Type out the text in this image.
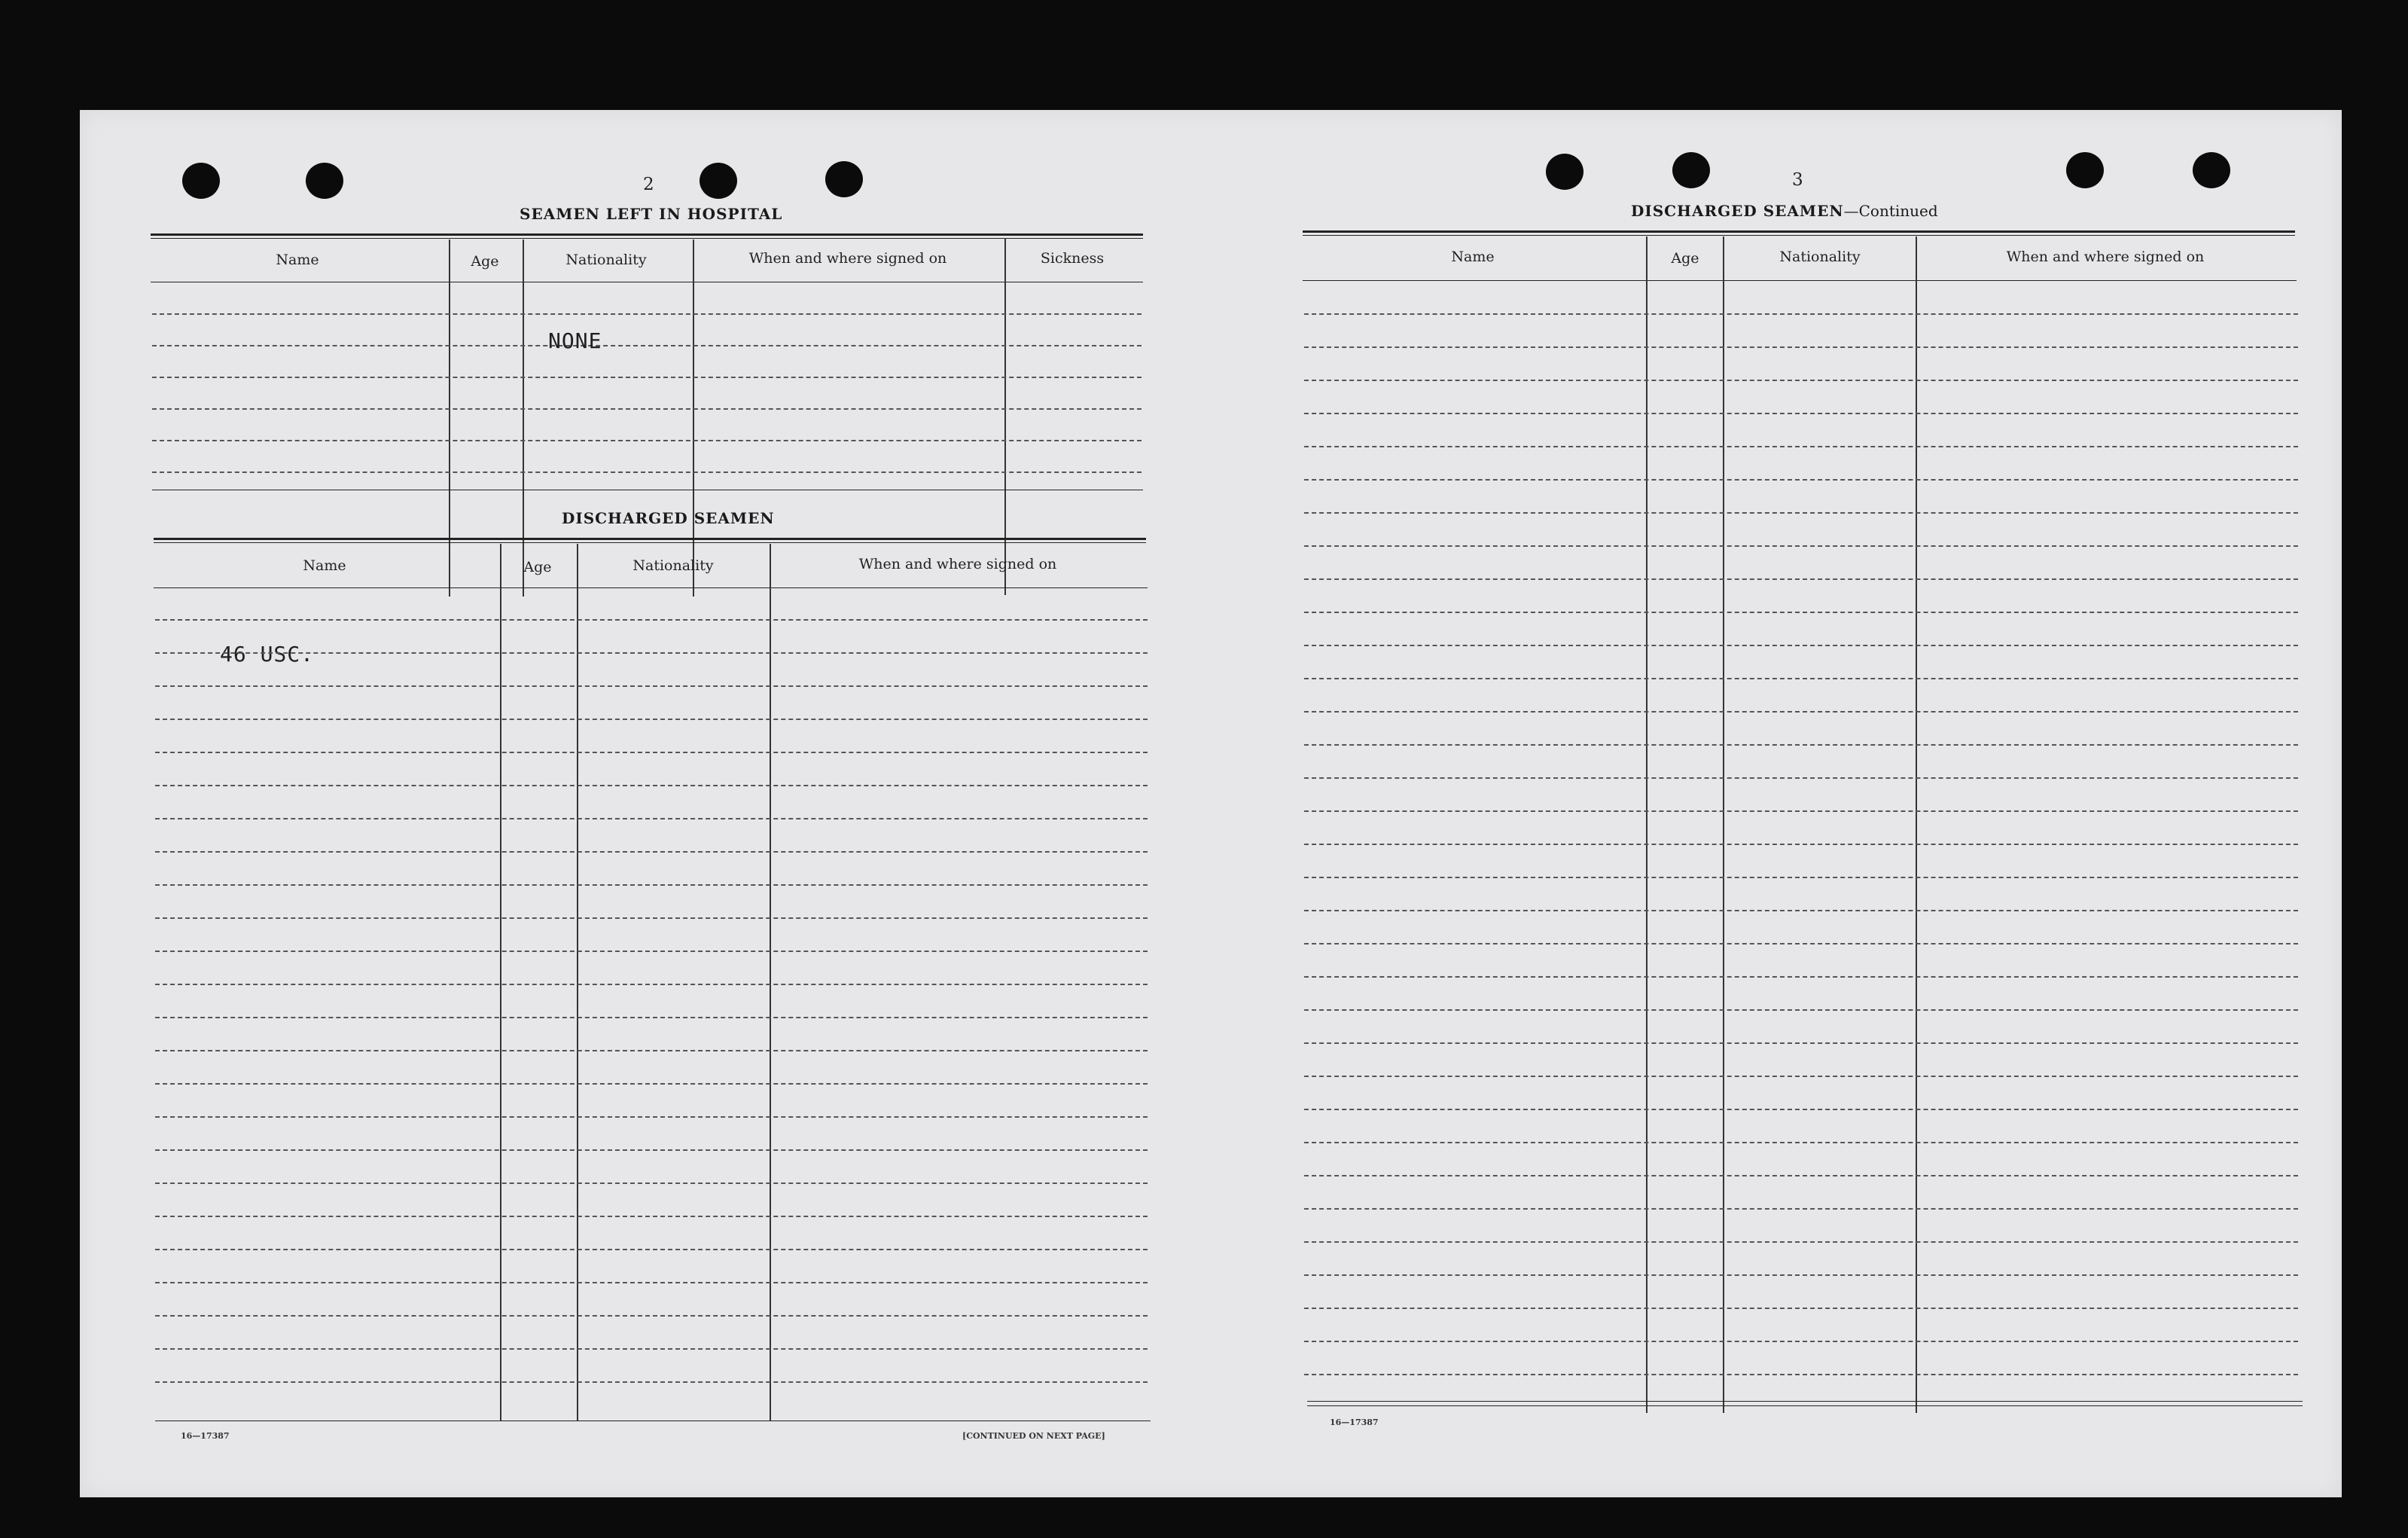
2
SEAMEN LEFT IN HOSPITAL
Name	Age	Nationality	When and where signed on	Sickness
NONE
DISCHARGED SEAMEN
Name	Age	Nationality	When and where signed on
46 USC.
16—17387	[CONTINUED ON NEXT PAGE]
3
DISCHARGED SEAMEN—Continued
Name	Age	Nationality	When and where signed on
16—17387
